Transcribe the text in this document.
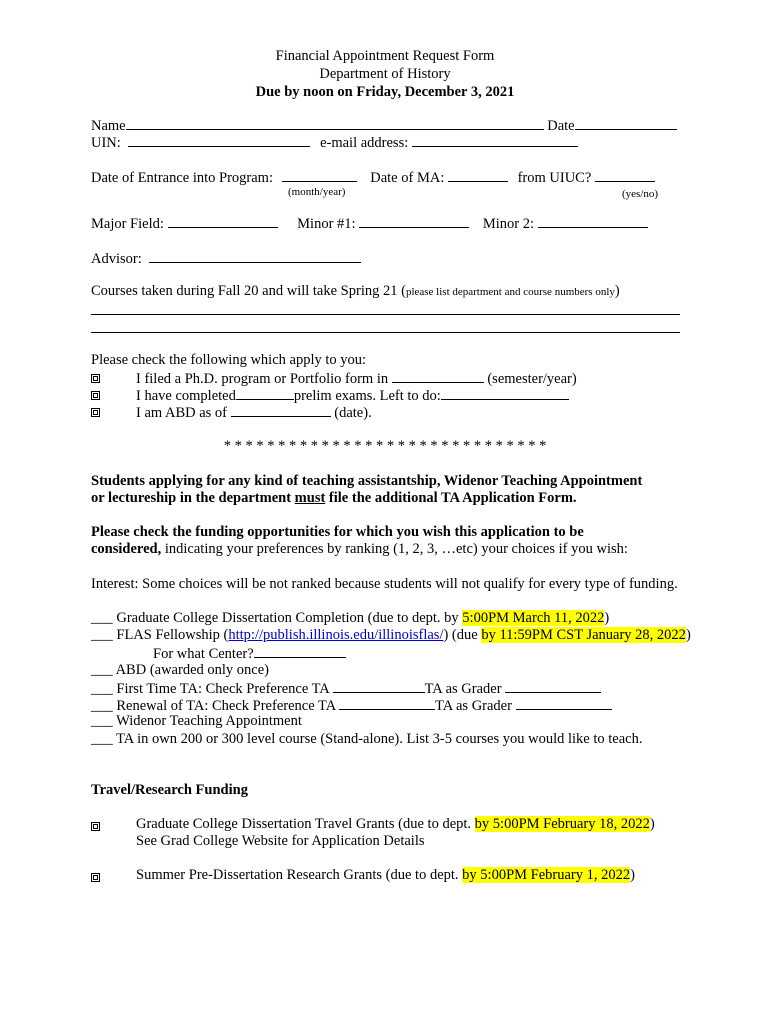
Financial Appointment Request Form
Department of History
Due by noon on Friday, December 3, 2021
Name	Date
UIN:	e-mail address:
Date of Entrance into Program:	Date of MA:	from UIUC?
(month/year)	(yes/no)
Major Field:	Minor #1:	Minor 2:
Advisor:
Courses taken during Fall 20 and will take Spring 21 (please list department and course numbers only)
Please check the following which apply to you:
I filed a Ph.D. program or Portfolio form in	(semester/year)
I have completed	prelim exams. Left to do:
I am ABD as of	(date).
* * * * * * * * * * * * * * * * * * * * * * * * * * * * * *
Students applying for any kind of teaching assistantship, Widenor Teaching Appointment
or lectureship in the department must file the additional TA Application Form.
Please check the funding opportunities for which you wish this application to be
considered, indicating your preferences by ranking (1, 2, 3, …etc) your choices if you wish:
Interest: Some choices will be not ranked because students will not qualify for every type of funding.
___ Graduate College Dissertation Completion (due to dept. by 5:00PM March 11, 2022)
___ FLAS Fellowship (http://publish.illinois.edu/illinoisflas/) (due by 11:59PM CST January 28, 2022)
For what Center?
___ ABD (awarded only once)
___ First Time TA: Check Preference TA	TA as Grader
___ Renewal of TA: Check Preference TA	TA as Grader
___ Widenor Teaching Appointment
___ TA in own 200 or 300 level course (Stand-alone). List 3-5 courses you would like to teach.
Travel/Research Funding
Graduate College Dissertation Travel Grants (due to dept. by 5:00PM February 18, 2022)
See Grad College Website for Application Details
Summer Pre-Dissertation Research Grants (due to dept. by 5:00PM February 1, 2022)
